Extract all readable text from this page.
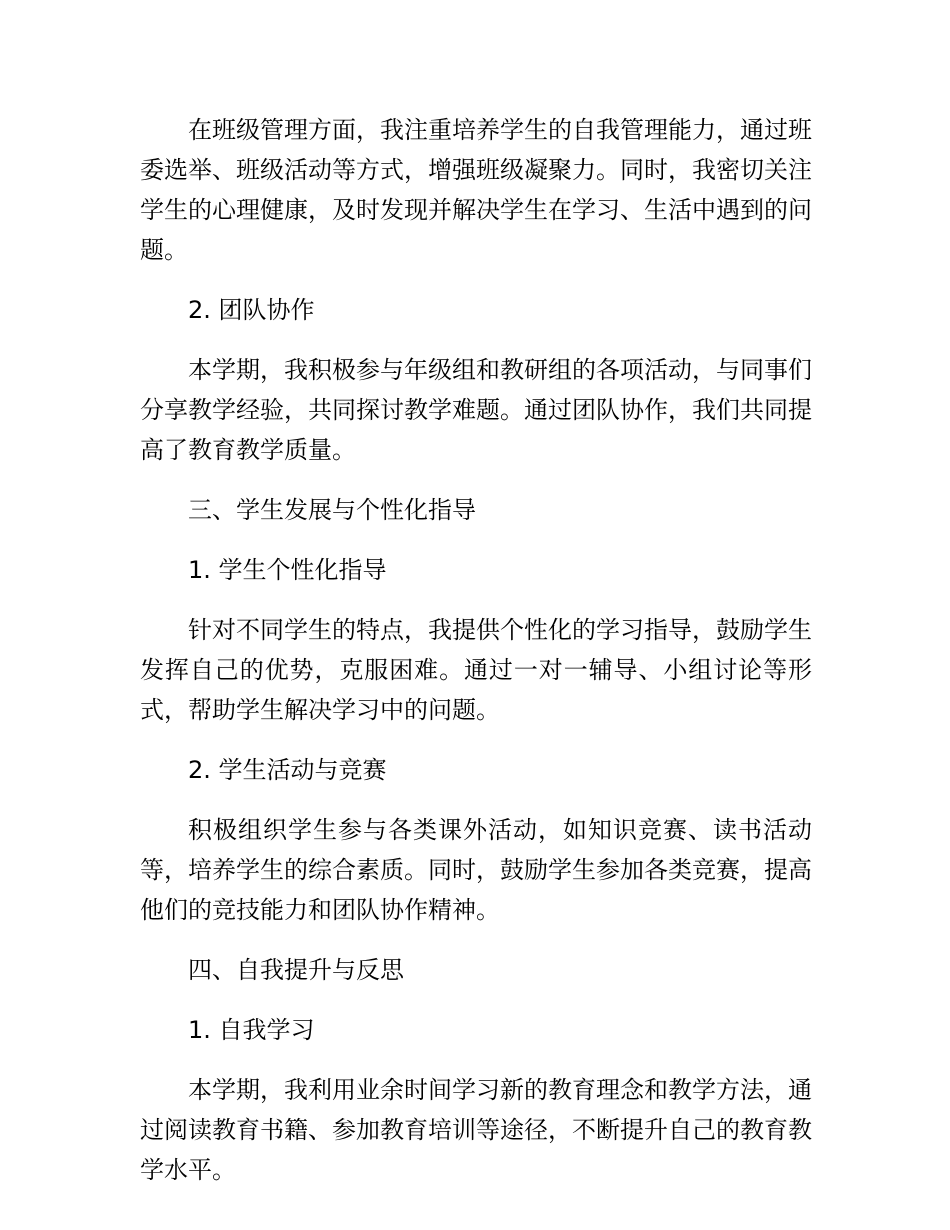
在班级管理方面，我注重培养学生的自我管理能力，通过班委选举、班级活动等方式，增强班级凝聚力。同时，我密切关注学生的心理健康，及时发现并解决学生在学习、生活中遇到的问题。

2. 团队协作

本学期，我积极参与年级组和教研组的各项活动，与同事们分享教学经验，共同探讨教学难题。通过团队协作，我们共同提高了教育教学质量。

三、学生发展与个性化指导

1. 学生个性化指导

针对不同学生的特点，我提供个性化的学习指导，鼓励学生发挥自己的优势，克服困难。通过一对一辅导、小组讨论等形式，帮助学生解决学习中的问题。

2. 学生活动与竞赛

积极组织学生参与各类课外活动，如知识竞赛、读书活动等，培养学生的综合素质。同时，鼓励学生参加各类竞赛，提高他们的竞技能力和团队协作精神。

四、自我提升与反思

1. 自我学习

本学期，我利用业余时间学习新的教育理念和教学方法，通过阅读教育书籍、参加教育培训等途径，不断提升自己的教育教学水平。
